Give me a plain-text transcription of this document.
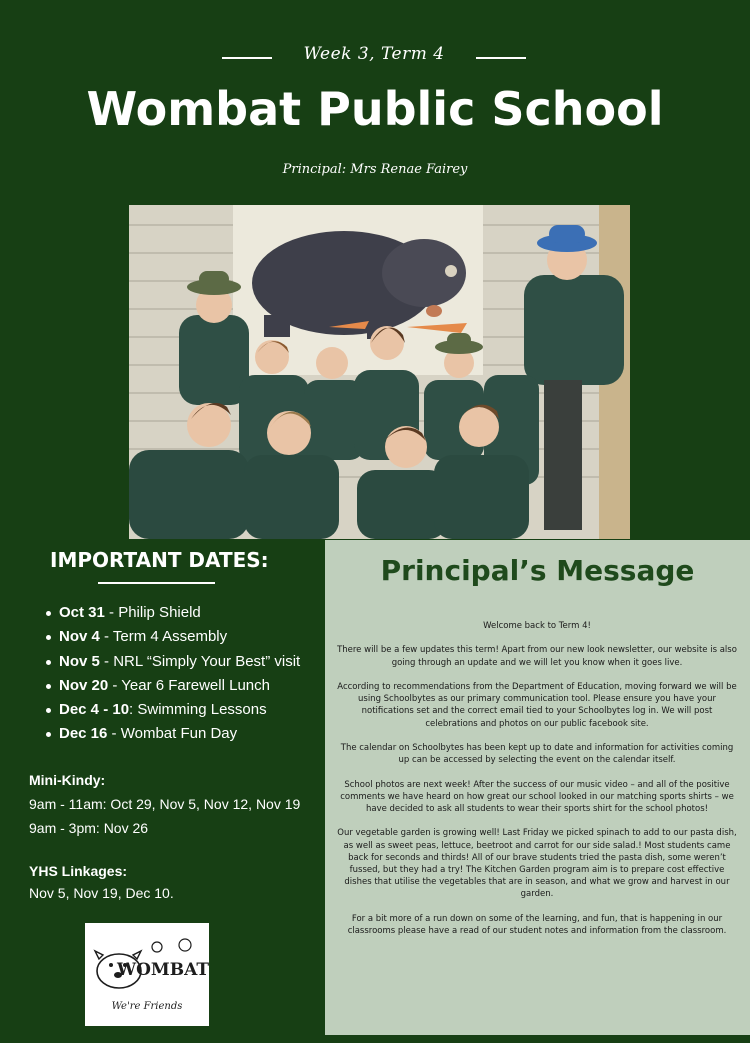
Week 3, Term 4
Wombat Public School
Principal: Mrs Renae Fairey
IMPORTANT DATES:
Oct 31 - Philip Shield
Nov 4 - Term 4 Assembly
Nov 5 - NRL “Simply Your Best” visit
Nov 20 - Year 6 Farewell Lunch
Dec 4 - 10: Swimming Lessons
Dec 16 - Wombat Fun Day
Mini-Kindy:
9am - 11am: Oct 29, Nov 5, Nov 12, Nov 19
9am - 3pm: Nov 26
YHS Linkages:
Nov 5, Nov 19, Dec 10.
WOMBAT
We're Friends
Principal’s Message

Welcome back to Term 4!

There will be a few updates this term! Apart from our new look newsletter, our website is also going through an update and we will let you know when it goes live.

According to recommendations from the Department of Education, moving forward we will be using Schoolbytes as our primary communication tool. Please ensure you have your notifications set and the correct email tied to your Schoolbytes log in. We will post celebrations and photos on our public facebook site.

The calendar on Schoolbytes has been kept up to date and information for activities coming up can be accessed by selecting the event on the calendar itself.

School photos are next week! After the success of our music video – and all of the positive comments we have heard on how great our school looked in our matching sports shirts – we have decided to ask all students to wear their sports shirt for the school photos!

Our vegetable garden is growing well! Last Friday we picked spinach to add to our pasta dish, as well as sweet peas, lettuce, beetroot and carrot for our side salad.! Most students came back for seconds and thirds! All of our brave students tried the pasta dish, some weren’t fussed, but they had a try! The Kitchen Garden program aim is to prepare cost effective dishes that utilise the vegetables that are in season, and what we grow and harvest in our garden.

For a bit more of a run down on some of the learning, and fun, that is happening in our classrooms please have a read of our student notes and information from the classroom.
